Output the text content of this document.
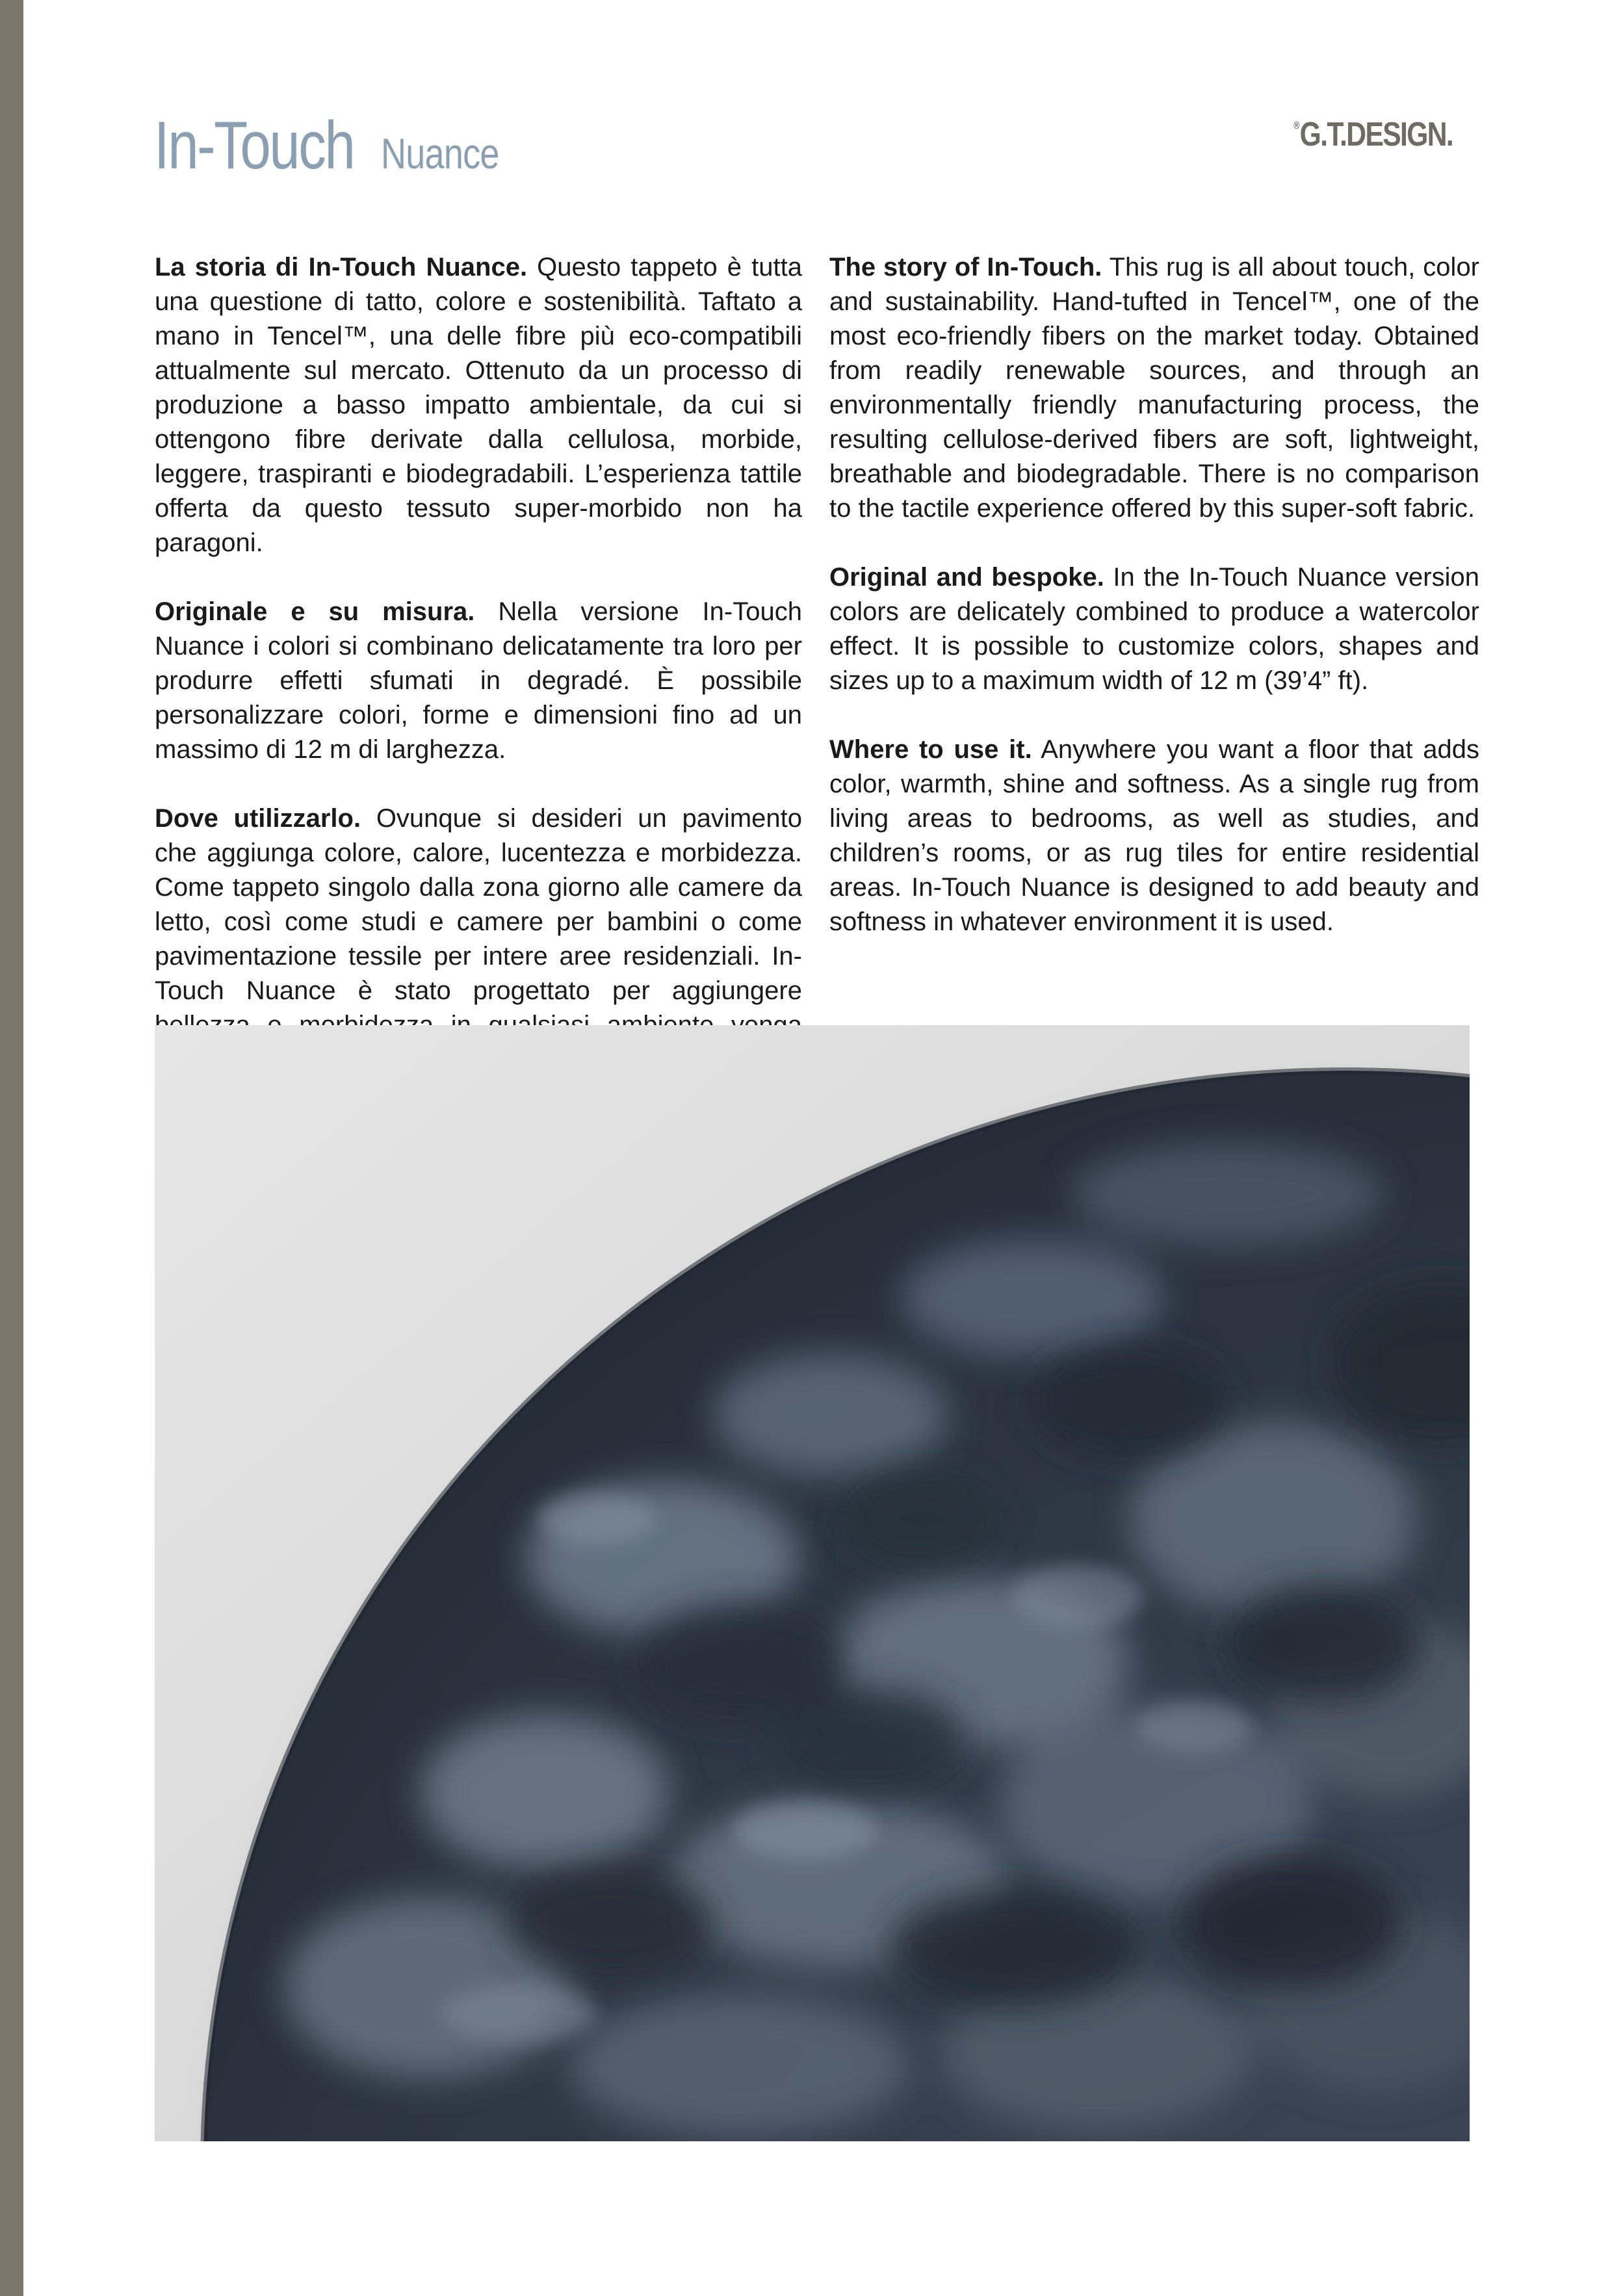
In-Touch Nuance
®G.T.DESIGN.

La storia di In-Touch Nuance. Questo tappeto è tutta una questione di tatto, colore e sostenibilità. Taftato a mano in Tencel™, una delle fibre più eco-compatibili attualmente sul mercato. Ottenuto da un processo di produzione a basso impatto ambientale, da cui si ottengono fibre derivate dalla cellulosa, morbide, leggere, traspiranti e biodegradabili. L’esperienza tattile offerta da questo tessuto super-morbido non ha paragoni.

Originale e su misura. Nella versione In-Touch Nuance i colori si combinano delicatamente tra loro per produrre effetti sfumati in degradé. È possibile personalizzare colori, forme e dimensioni fino ad un massimo di 12 m di larghezza.

Dove utilizzarlo. Ovunque si desideri un pavimento che aggiunga colore, calore, lucentezza e morbidezza. Come tappeto singolo dalla zona giorno alle camere da letto, così come studi e camere per bambini o come pavimentazione tessile per intere aree residenziali. In-Touch Nuance è stato progettato per aggiungere

The story of In-Touch. This rug is all about touch, color and sustainability. Hand-tufted in Tencel™, one of the most eco-friendly fibers on the market today. Obtained from readily renewable sources, and through an environmentally friendly manufacturing process, the resulting cellulose-derived fibers are soft, lightweight, breathable and biodegradable. There is no comparison to the tactile experience offered by this super-soft fabric.

Original and bespoke. In the In-Touch Nuance version colors are delicately combined to produce a watercolor effect. It is possible to customize colors, shapes and sizes up to a maximum width of 12 m (39’4” ft).

Where to use it. Anywhere you want a floor that adds color, warmth, shine and softness. As a single rug from living areas to bedrooms, as well as studies, and children’s rooms, or as rug tiles for entire residential areas. In-Touch Nuance is designed to add beauty and softness in whatever environment it is used.
